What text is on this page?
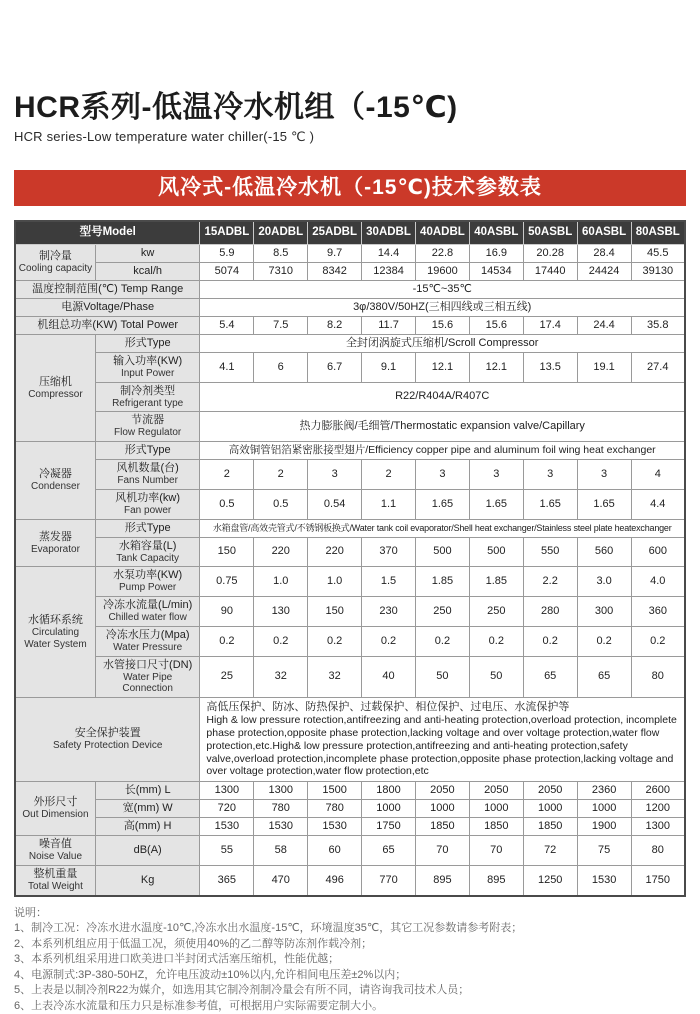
HCR系列-低温冷水机组（-15℃)
HCR series-Low temperature water chiller(-15 ℃ )
风冷式-低温冷水机（-15℃)技术参数表
型号Model		15ADBL	20ADBL	25ADBL	30ADBL	40ADBL	40ASBL	50ASBL	60ASBL	80ASBL

制冷量
Cooling capacity	kw	5.9	8.5	9.7	14.4	22.8	16.9	20.28	28.4	45.5

	kcal/h	5074	7310	8342	12384	19600	14534	17440	24424	39130

温度控制范围(℃) Temp Range		-15℃~35℃								

电源Voltage/Phase		3φ/380V/50HZ(三相四线或三相五线)								

机组总功率(KW) Total Power		5.4	7.5	8.2	11.7	15.6	15.6	17.4	24.4	35.8

压缩机
Compressor	形式Type	全封闭涡旋式压缩机/Scroll Compressor								

	输入功率(KW)
Input Power	4.1	6	6.7	9.1	12.1	12.1	13.5	19.1	27.4

	制冷剂类型
Refrigerant type	R22/R404A/R407C								

	节流器
Flow Regulator	热力膨胀阀/毛细管/Thermostatic expansion valve/Capillary								

冷凝器
Condenser	形式Type	高效铜管铝箔紧密胀接型翅片/Efficiency copper pipe and aluminum foil wing heat exchanger								

	风机数量(台)
Fans Number	2	2	3	2	3	3	3	3	4

	风机功率(kw)
Fan power	0.5	0.5	0.54	1.1	1.65	1.65	1.65	1.65	4.4

蒸发器
Evaporator	形式Type	水箱盘管/高效壳管式/不锈钢板换式/Water tank coil evaporator/Shell heat exchanger/Stainless steel plate heatexchanger								

	水箱容量(L)
Tank Capacity	150	220	220	370	500	500	550	560	600

水循环系统
Circulating
Water System

水泵功率(KW)
Pump Power

0.75	1.0	1.0	1.5	1.85	1.85	2.2	3.0	4.0

	冷冻水流量(L/min)
Chilled water flow	90	130	150	230	250	250	280	300	360

	冷冻水压力(Mpa)
Water Pressure	0.2	0.2	0.2	0.2	0.2	0.2	0.2	0.2	0.2

	水管接口尺寸(DN)
Water Pipe
Connection	25	32	32	40	50	50	65	65	80

安全保护装置
Safety Protection Device

高低压保护、防冰、防热保护、过载保护、相位保护、过电压、水流保护等
High & low pressure rotection,antifreezing and anti-heating protection,overload protection, incomplete phase protection,opposite phase protection,lacking voltage and over voltage protection,water flow protection,etc.High& low pressure protection,antifreezing and anti-heating protection,safety valve,overload protection,incomplete phase protection,opposite phase protection,lacking voltage and over voltage protection,water flow protection,etc

外形尺寸
Out Dimension	长(mm) L	1300	1300	1500	1800	2050	2050	2050	2360	2600

	宽(mm) W	720	780	780	1000	1000	1000	1000	1000	1200

	高(mm) H	1530	1530	1530	1750	1850	1850	1850	1900	1300

噪音值
Noise Value	dB(A)	55	58	60	65	70	70	72	75	80

整机重量
Total Weight	Kg	365	470	496	770	895	895	1250	1530	1750
说明：
1、制冷工况：冷冻水进水温度-10℃,冷冻水出水温度-15℃，环境温度35℃，其它工况参数请参考附表；
2、本系列机组应用于低温工况，须使用40%的乙二醇等防冻剂作载冷剂；
3、本系列机组采用进口欧美进口半封闭式活塞压缩机，性能优越；
4、电源制式:3P-380-50HZ，允许电压波动±10%以内,允许相间电压差±2%以内；
5、上表是以制冷剂R22为媒介，如选用其它制冷剂制冷量会有所不同，请咨询我司技术人员；
6、上表冷冻水流量和压力只是标准参考值，可根据用户实际需要定制大小。
